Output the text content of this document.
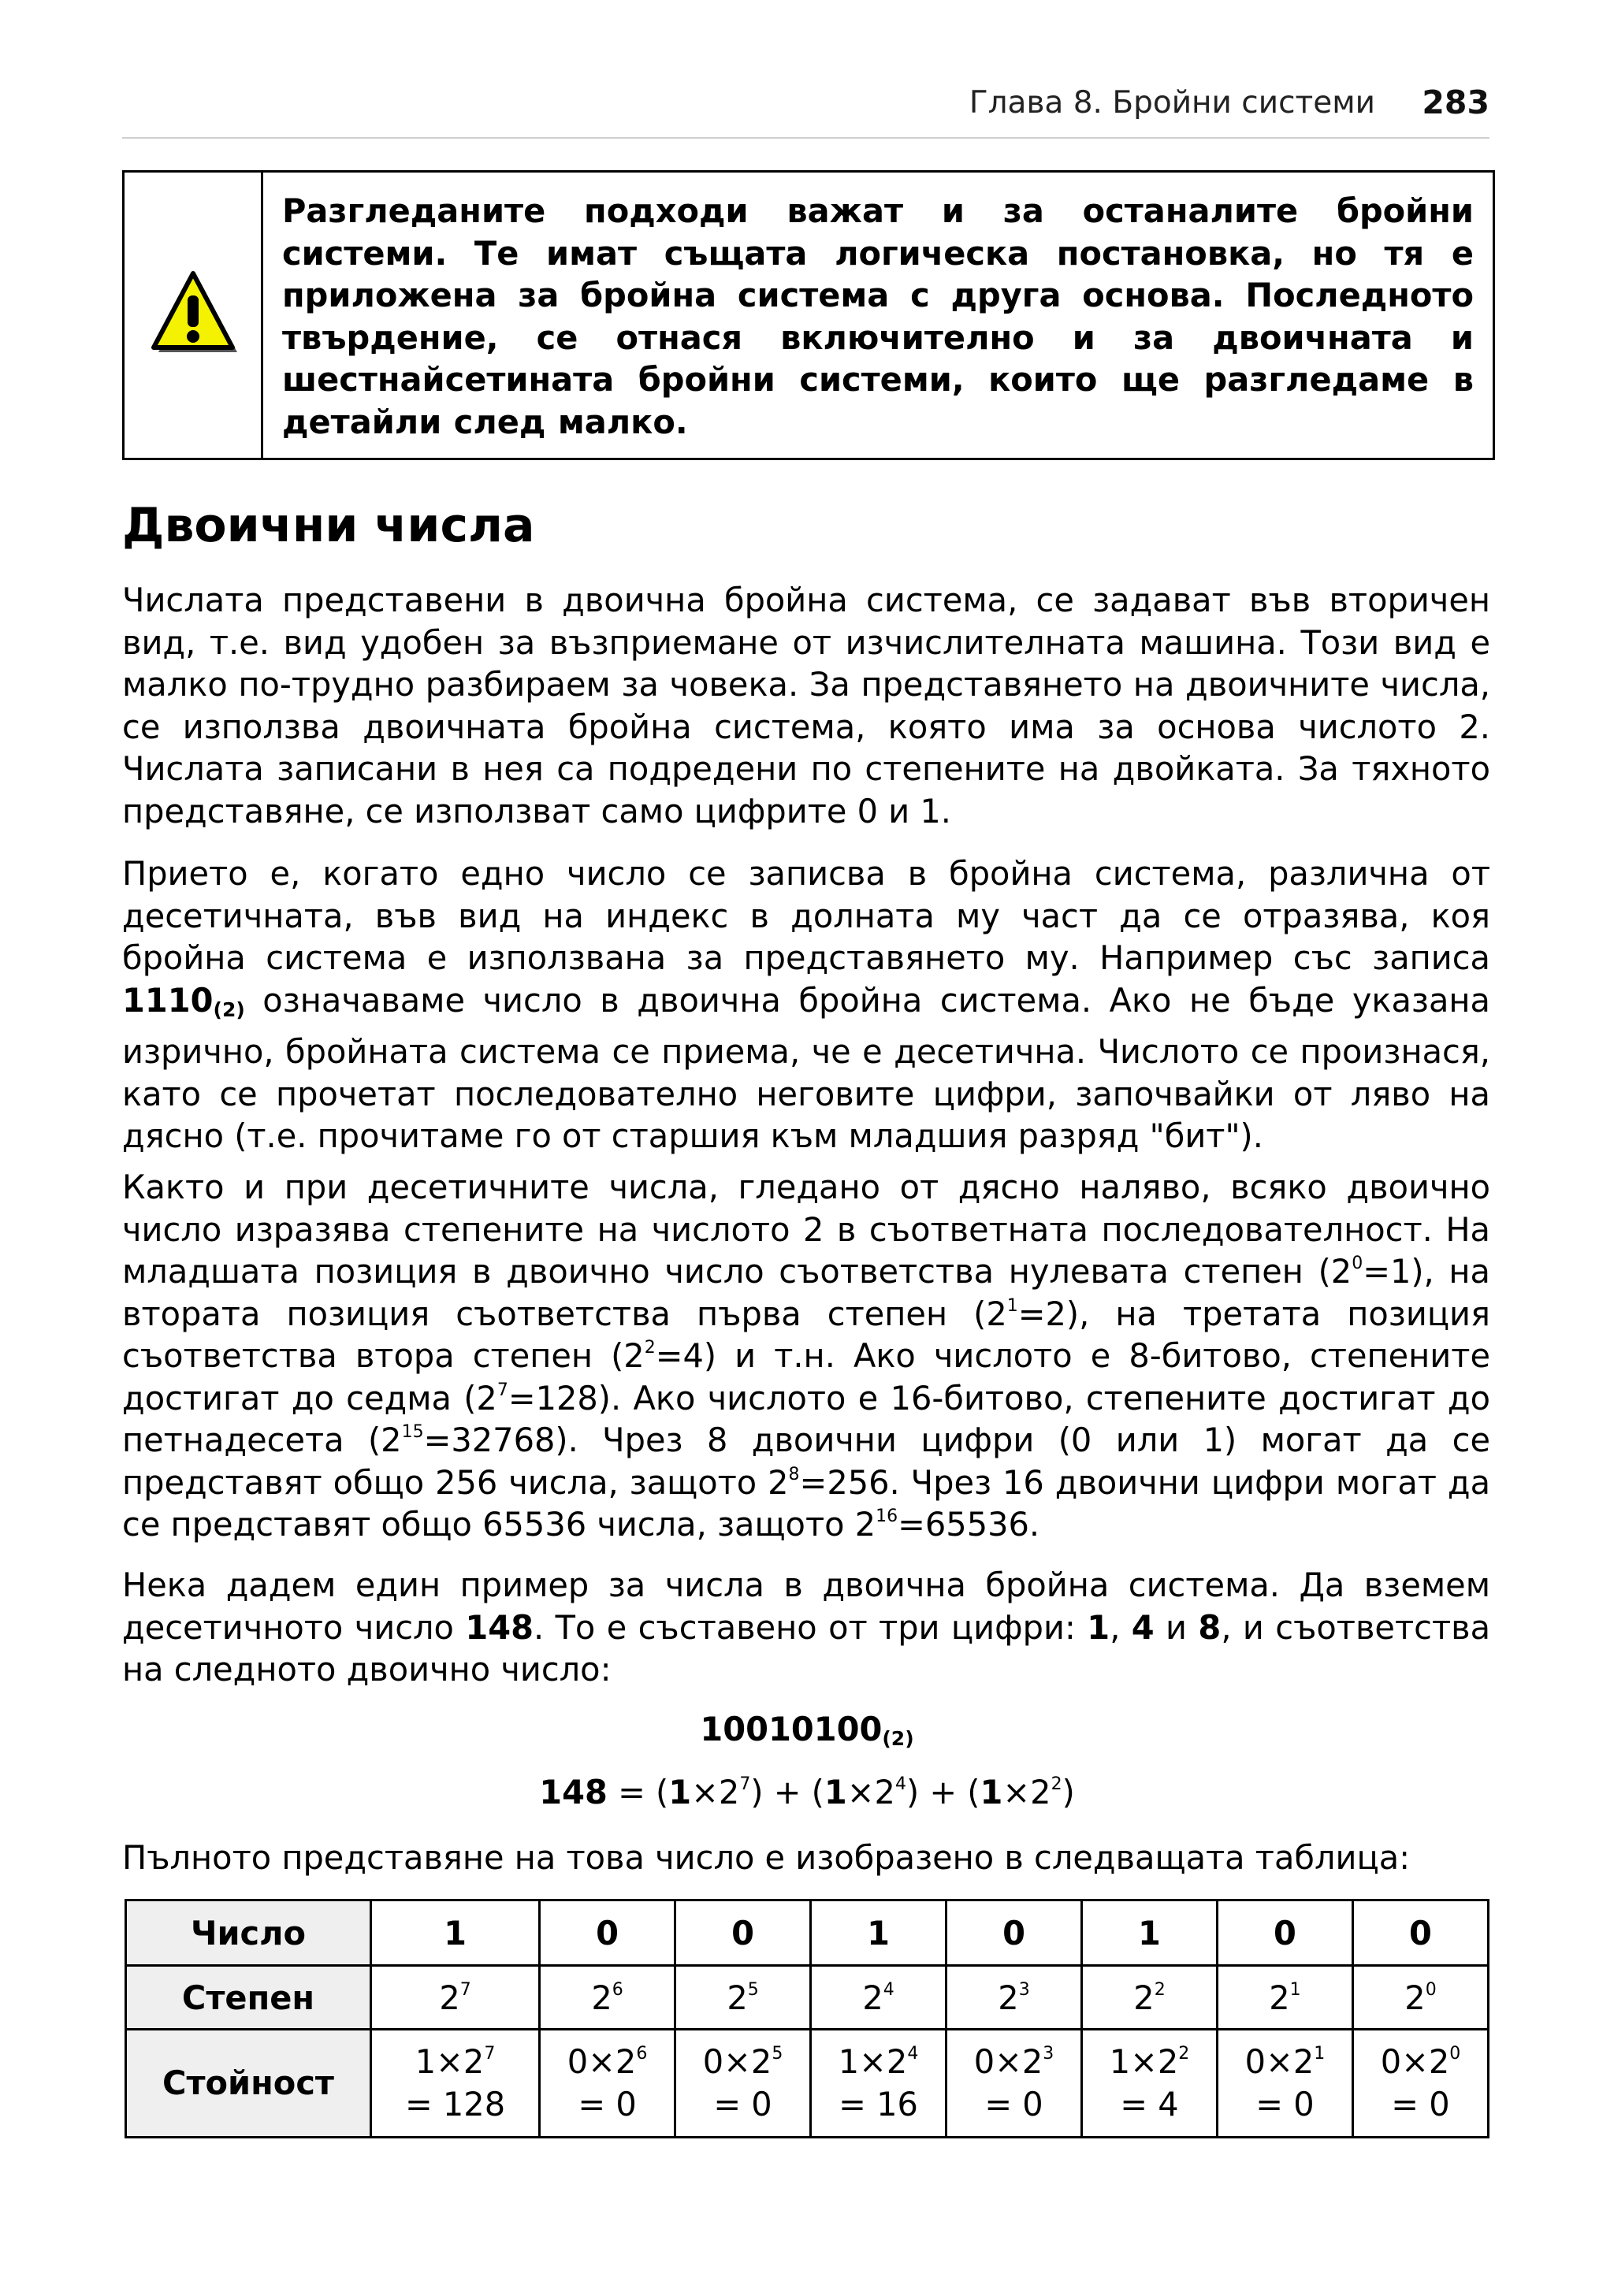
Глава 8. Бройни системи 283
Разгледаните подходи важат и за останалите бройни системи. Те имат същата логическа постановка, но тя е приложена за бройна система с друга основа. Последното твърдение, се отнася включително и за двоичната и шестнайсетината бройни системи, които ще разгледаме в детайли след малко.
Двоични числа

Числата представени в двоична бройна система, се задават във вторичен вид, т.е. вид удобен за възприемане от изчислителната машина. Този вид е малко по-трудно разбираем за човека. За представянето на двоичните числа, се използва двоичната бройна система, която има за основа числото 2. Числата записани в нея са подредени по степените на двойката. За тяхното представяне, се използват само цифрите 0 и 1.

Прието е, когато едно число се записва в бройна система, различна от десетичната, във вид на индекс в долната му част да се отразява, коя бройна система е използвана за представянето му. Например със записа $1110_{(2)}$ означаваме число в двоична бройна система. Ако не бъде указана изрично, бройната система се приема, че е десетична. Числото се произнася, като се прочетат последователно неговите цифри, започвайки от ляво на дясно (т.е. прочитаме го от старшия към младшия разряд "бит").

Както и при десетичните числа, гледано от дясно наляво, всяко двоично число изразява степените на числото 2 в съответната последователност. На младшата позиция в двоично число съответства нулевата степен $(2^0=1)$, на втората позиция съответства първа степен $(2^1=2)$, на третата позиция съответства втора степен $(2^2=4)$ и т.н. Ако числото е 8-битово, степените достигат до седма $(2^7=128)$. Ако числото е 16-битово, степените достигат до петнадесета $(2^{15}=32768)$. Чрез 8 двоични цифри (0 или 1) могат да се представят общо 256 числа, защото $2^8=256$. Чрез 16 двоични цифри могат да се представят общо 65536 числа, защото $2^{16}=65536$.

Нека дадем един пример за числа в двоична бройна система. Да вземем десетичното число 148. То е съставено от три цифри: 1, 4 и 8, и съответства на следното двоично число:

$10010100_{(2)}$

$148 = (1\times 2^7) + (1\times 2^4) + (1\times 2^2)$

Пълното представяне на това число е изобразено в следващата таблица:

Число	1	0	0	1	0	1	0	0
Степен	$2^7$	$2^6$	$2^5$	$2^4$	$2^3$	$2^2$	$2^1$	$2^0$
Стойност	$1\times 2^7$
= 128	$0\times 2^6$
= 0	$0\times 2^5$
= 0	$1\times 2^4$
= 16	$0\times 2^3$
= 0	$1\times 2^2$
= 4	$0\times 2^1$
= 0	$0\times 2^0$
= 0
